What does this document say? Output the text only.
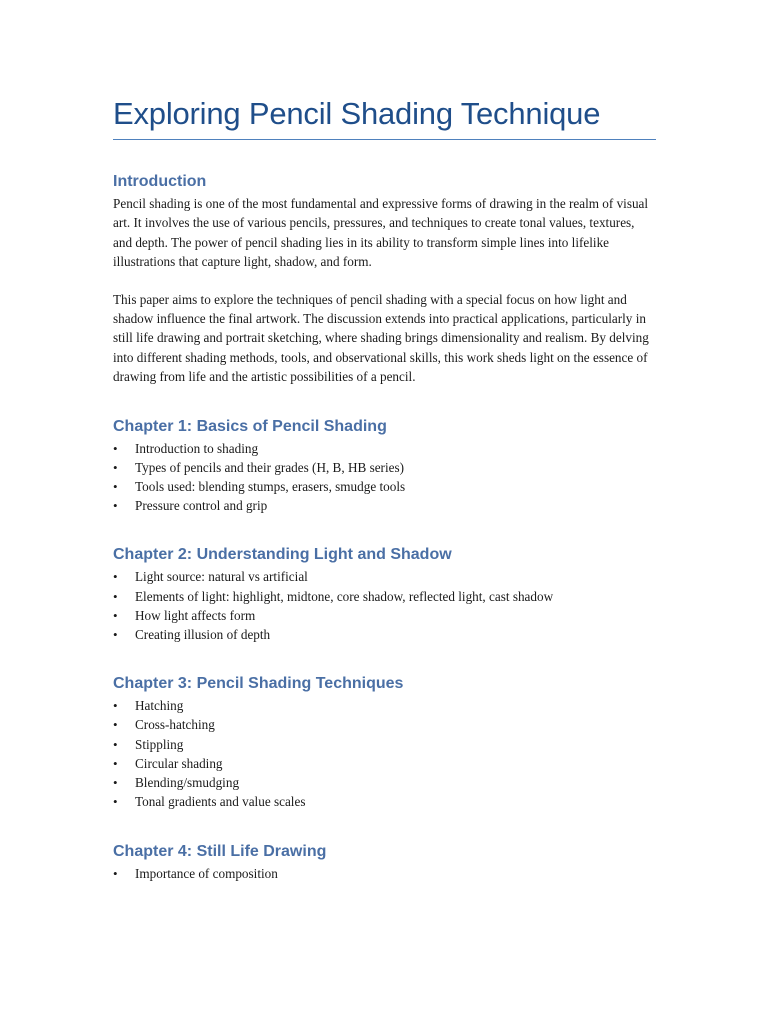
Exploring Pencil Shading Technique
Introduction

Pencil shading is one of the most fundamental and expressive forms of drawing in the realm of visual art. It involves the use of various pencils, pressures, and techniques to create tonal values, textures, and depth. The power of pencil shading lies in its ability to transform simple lines into lifelike illustrations that capture light, shadow, and form.

This paper aims to explore the techniques of pencil shading with a special focus on how light and shadow influence the final artwork. The discussion extends into practical applications, particularly in still life drawing and portrait sketching, where shading brings dimensionality and realism. By delving into different shading methods, tools, and observational skills, this work sheds light on the essence of drawing from life and the artistic possibilities of a pencil.

Chapter 1: Basics of Pencil Shading
• Introduction to shading
• Types of pencils and their grades (H, B, HB series)
• Tools used: blending stumps, erasers, smudge tools
• Pressure control and grip
Chapter 2: Understanding Light and Shadow
• Light source: natural vs artificial
• Elements of light: highlight, midtone, core shadow, reflected light, cast shadow
• How light affects form
• Creating illusion of depth
Chapter 3: Pencil Shading Techniques
• Hatching
• Cross-hatching
• Stippling
• Circular shading
• Blending/smudging
• Tonal gradients and value scales
Chapter 4: Still Life Drawing
• Importance of composition
